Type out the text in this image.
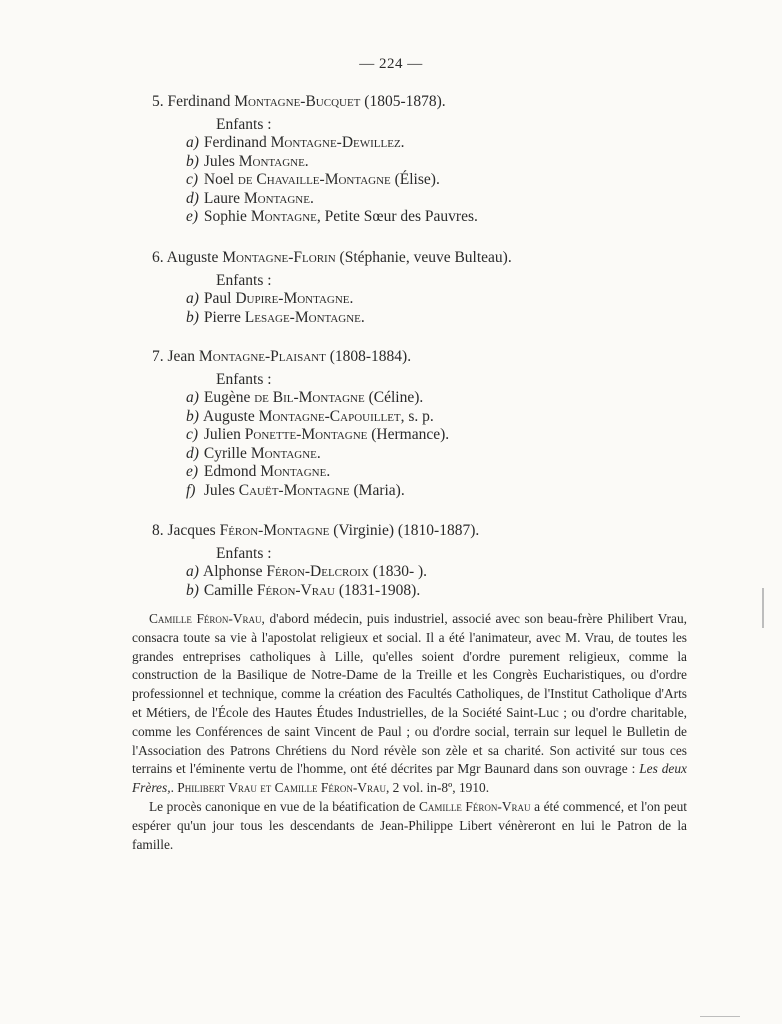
— 224 —
5. Ferdinand Montagne-Bucquet (1805-1878).
Enfants :
a) Ferdinand Montagne-Dewillez.
b) Jules Montagne.
c) Noel de Chavaille-Montagne (Élise).
d) Laure Montagne.
e) Sophie Montagne, Petite Sœur des Pauvres.
6. Auguste Montagne-Florin (Stéphanie, veuve Bulteau).
Enfants :
a) Paul Dupire-Montagne.
b) Pierre Lesage-Montagne.
7. Jean Montagne-Plaisant (1808-1884).
Enfants :
a) Eugène de Bil-Montagne (Céline).
b) Auguste Montagne-Capouillet, s. p.
c) Julien Ponette-Montagne (Hermance).
d) Cyrille Montagne.
e) Edmond Montagne.
f) Jules Cauët-Montagne (Maria).
8. Jacques Féron-Montagne (Virginie) (1810-1887).
Enfants :
a) Alphonse Féron-Delcroix (1830- ).
b) Camille Féron-Vrau (1831-1908).

Camille Féron-Vrau, d'abord médecin, puis industriel, associé avec son beau-frère Philibert Vrau, consacra toute sa vie à l'apostolat religieux et social. Il a été l'animateur, avec M. Vrau, de toutes les grandes entreprises catholiques à Lille, qu'elles soient d'ordre purement religieux, comme la construction de la Basilique de Notre-Dame de la Treille et les Congrès Eucharistiques, ou d'ordre professionnel et technique, comme la création des Facultés Catholiques, de l'Institut Catholique d'Arts et Métiers, de l'École des Hautes Études Industrielles, de la Société Saint-Luc ; ou d'ordre charitable, comme les Conférences de saint Vincent de Paul ; ou d'ordre social, terrain sur lequel le Bulletin de l'Association des Patrons Chrétiens du Nord révèle son zèle et sa charité. Son activité sur tous ces terrains et l'éminente vertu de l'homme, ont été décrites par Mgr Baunard dans son ouvrage : Les deux Frères,. Philibert Vrau et Camille Féron-Vrau, 2 vol. in-8º, 1910.

Le procès canonique en vue de la béatification de Camille Féron-Vrau a été commencé, et l'on peut espérer qu'un jour tous les descendants de Jean-Philippe Libert vénèreront en lui le Patron de la famille.
